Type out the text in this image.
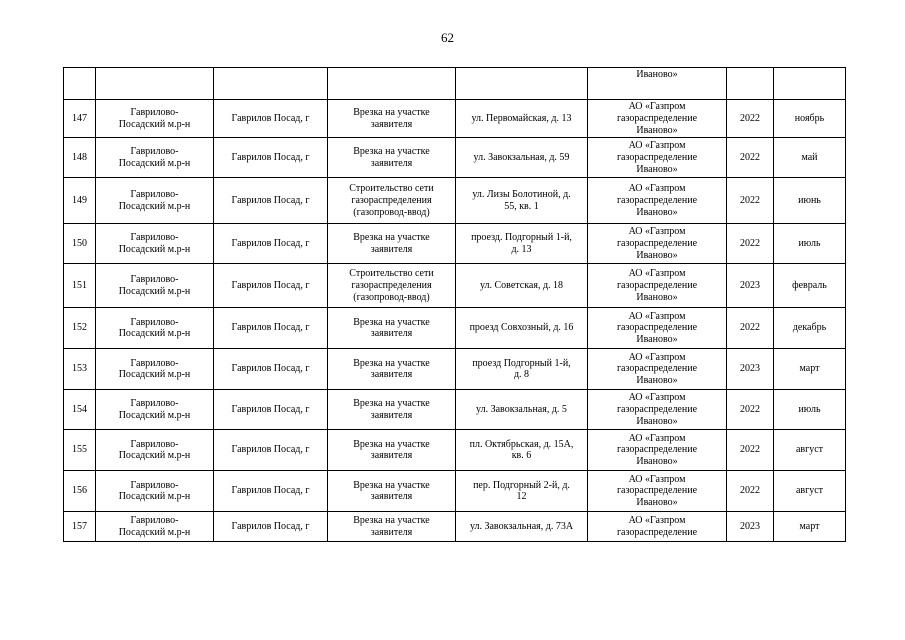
62
					Иваново»		
147	Гаврилово-Посадский м.р-н	Гаврилов Посад, г	Врезка на участке заявителя	ул. Первомайская, д. 13	АО «Газпром газораспределение Иваново»	2022	ноябрь
148	Гаврилово-Посадский м.р-н	Гаврилов Посад, г	Врезка на участке заявителя	ул. Завокзальная, д. 59	АО «Газпром газораспределение Иваново»	2022	май
149	Гаврилово-Посадский м.р-н	Гаврилов Посад, г	Строительство сети газораспределения (газопровод-ввод)	ул. Лизы Болотиной, д. 55, кв. 1	АО «Газпром газораспределение Иваново»	2022	июнь
150	Гаврилово-Посадский м.р-н	Гаврилов Посад, г	Врезка на участке заявителя	проезд. Подгорный 1-й, д. 13	АО «Газпром газораспределение Иваново»	2022	июль
151	Гаврилово-Посадский м.р-н	Гаврилов Посад, г	Строительство сети газораспределения (газопровод-ввод)	ул. Советская, д. 18	АО «Газпром газораспределение Иваново»	2023	февраль
152	Гаврилово-Посадский м.р-н	Гаврилов Посад, г	Врезка на участке заявителя	проезд Совхозный, д. 16	АО «Газпром газораспределение Иваново»	2022	декабрь
153	Гаврилово-Посадский м.р-н	Гаврилов Посад, г	Врезка на участке заявителя	проезд Подгорный 1-й, д. 8	АО «Газпром газораспределение Иваново»	2023	март
154	Гаврилово-Посадский м.р-н	Гаврилов Посад, г	Врезка на участке заявителя	ул. Завокзальная, д. 5	АО «Газпром газораспределение Иваново»	2022	июль
155	Гаврилово-Посадский м.р-н	Гаврилов Посад, г	Врезка на участке заявителя	пл. Октябрьская, д. 15А, кв. 6	АО «Газпром газораспределение Иваново»	2022	август
156	Гаврилово-Посадский м.р-н	Гаврилов Посад, г	Врезка на участке заявителя	пер. Подгорный 2-й, д. 12	АО «Газпром газораспределение Иваново»	2022	август
157	Гаврилово-Посадский м.р-н	Гаврилов Посад, г	Врезка на участке заявителя	ул. Завокзальная, д. 73А	АО «Газпром газораспределение	2023	март
